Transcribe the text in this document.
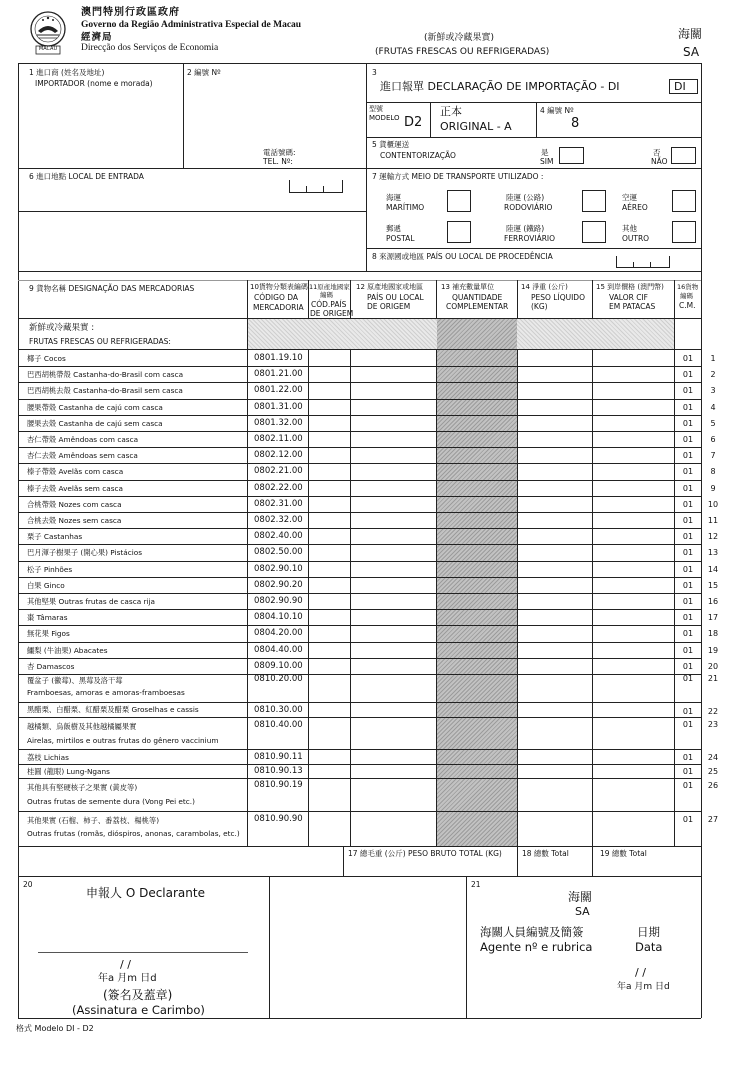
MACAU
澳門特別行政區政府
Governo da Região Administrativa Especial de Macau
經濟局
Direcção dos Serviços de Economia
(新鮮或冷藏果實)
(FRUTAS FRESCAS OU REFRIGERADAS)
海關
SA
1 進口商 (姓名及地址)
IMPORTADOR (nome e morada)
2 編號 Nº	3
進口報單 DECLARAÇÃO DE IMPORTAÇÃO - DI	DI
型號
MODELO D2
正本
ORIGINAL - A
4 編號 Nº
8
電話號碼:
TEL. Nº:
5 貨櫃運送
CONTENTORIZAÇÃO	是
SIM
否
NÃO
6 進口地點 LOCAL DE ENTRADA	7 運輸方式 MEIO DE TRANSPORTE UTILIZADO :
海運
MARÍTIMO
陸運 (公路)
RODOVIÁRIO
空運
AÉREO
郵遞
POSTAL
陸運 (鐵路)
FERROVIÁRIO
其他
OUTRO
8 來源國或地區 PAÍS OU LOCAL DE PROCEDÊNCIA
9 貨物名稱 DESIGNAÇÃO DAS MERCADORIAS	10貨物分類表編碼
CÓDIGO DA
MERCADORIA
11原產地國家
編碼
CÓD.PAÍS
DE ORIGEM
12 原產地國家或地區
PAÍS OU LOCAL
DE ORIGEM
13 補充數量單位
QUANTIDADE
COMPLEMENTAR
14 淨重 (公斤)
PESO LÍQUIDO
(KG)
15 到岸價格 (澳門幣)
VALOR CIF
EM PATACAS
16貨物
編碼
C.M.
新鮮或冷藏果實 :
FRUTAS FRESCAS OU REFRIGERADAS:
椰子 Cocos	0801.19.10	01	1
巴西胡桃帶殼 Castanha-do-Brasil com casca	0801.21.00	01	2
巴西胡桃去殼 Castanha-do-Brasil sem casca	0801.22.00	01	3
腰果帶殼 Castanha de cajú com casca	0801.31.00	01	4
腰果去殼 Castanha de cajú sem casca	0801.32.00	01	5
杏仁帶殼 Amêndoas com casca	0802.11.00	01	6
杏仁去殼 Amêndoas sem casca	0802.12.00	01	7
榛子帶殼 Avelãs com casca	0802.21.00	01	8
榛子去殼 Avelãs sem casca	0802.22.00	01	9
合桃帶殼 Nozes com casca	0802.31.00	01	10
合桃去殼 Nozes sem casca	0802.32.00	01	11
栗子 Castanhas	0802.40.00	01	12
巴月渾子樹果子 (開心果) Pistácios	0802.50.00	01	13
松子 Pinhões	0802.90.10	01	14
白果 Ginco	0802.90.20	01	15
其他堅果 Outras frutas de casca rija	0802.90.90	01	16
棗 Tâmaras	0804.10.10	01	17
無花果 Figos	0804.20.00	01	18
鱷梨 (牛油果) Abacates	0804.40.00	01	19
杏 Damascos	0809.10.00	01	20
覆盆子 (黴莓)、黑莓及洛干莓
Framboesas, amoras e amoras-framboesas
0810.20.00	01	21
黑醋栗、白醋栗、紅醋栗及醋栗 Groselhas e cassis	0810.30.00	01	22
越橘類、烏飯樹及其他越橘屬果實
Airelas, mirtilos e outras frutas do gênero vaccinium
0810.40.00	01	23
荔枝 Lichias	0810.90.11	01	24
桂圓 (龍眼) Lung-Ngans	0810.90.13	01	25
其他具有堅硬核子之果實 (黃皮等)
Outras frutas de semente dura (Vong Pei etc.)
0810.90.19	01	26
其他果實 (石榴、柿子、番荔枝、楊桃等)
Outras frutas (romãs, dióspiros, anonas, carambolas, etc.)
0810.90.90	01	27
17 總毛重 (公斤) PESO BRUTO TOTAL (KG)	18 總數 Total	19 總數 Total
20
申報人 O Declarante
/ /
年a 月m 日d
(簽名及蓋章)
(Assinatura e Carimbo)
21
海關
SA
海關人員編號及簡簽
Agente nº e rubrica
日期
Data
/ /
年a 月m 日d
格式 Modelo DI - D2
